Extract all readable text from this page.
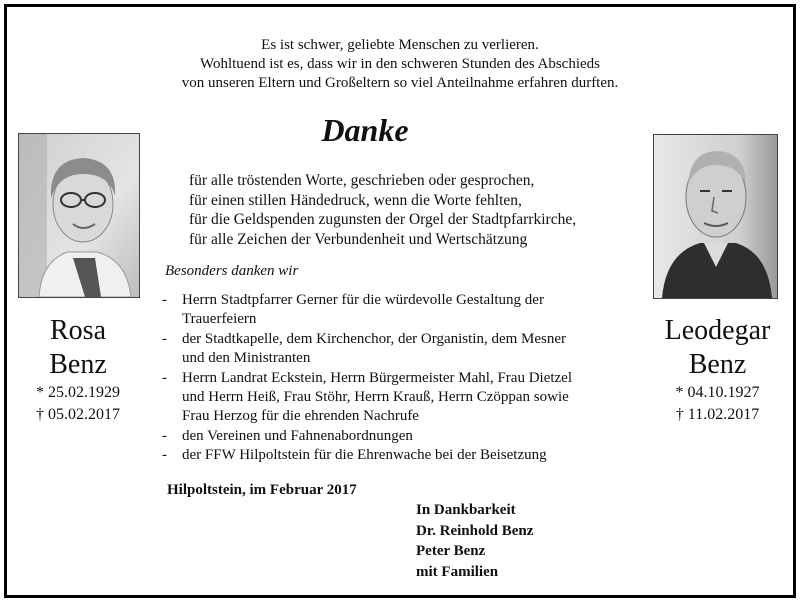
Es ist schwer, geliebte Menschen zu verlieren.
Wohltuend ist es, dass wir in den schweren Stunden des Abschieds
von unseren Eltern und Großeltern so viel Anteilnahme erfahren durften.
Danke
für alle tröstenden Worte, geschrieben oder gesprochen,
für einen stillen Händedruck, wenn die Worte fehlten,
für die Geldspenden zugunsten der Orgel der Stadtpfarrkirche,
für alle Zeichen der Verbundenheit und Wertschätzung
Besonders danken wir
-	Herrn Stadtpfarrer Gerner für die würdevolle Gestaltung der
Trauerfeiern
-	der Stadtkapelle, dem Kirchenchor, der Organistin, dem Mesner
und den Ministranten
-	Herrn Landrat Eckstein, Herrn Bürgermeister Mahl, Frau Dietzel
und Herrn Heiß, Frau Stöhr, Herrn Krauß, Herrn Czöppan sowie
Frau Herzog für die ehrenden Nachrufe
-	den Vereinen und Fahnenabordnungen
-	der FFW Hilpoltstein für die Ehrenwache bei der Beisetzung
Rosa
Benz
* 25.02.1929
† 05.02.2017
Leodegar
Benz
* 04.10.1927
† 11.02.2017
Hilpoltstein, im Februar 2017
In Dankbarkeit
Dr. Reinhold Benz
Peter Benz
mit Familien
